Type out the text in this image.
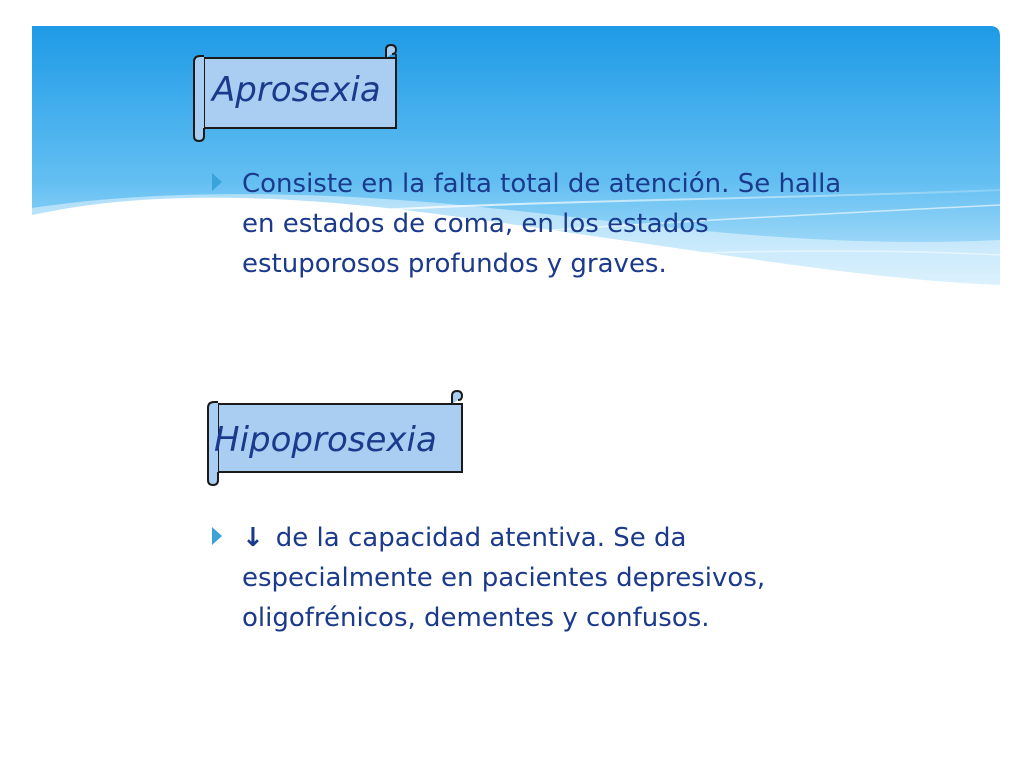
Aprosexia
Consiste en la falta total de atención. Se halla en estados de coma, en los estados estuporosos profundos y graves.
Hipoprosexia
↓ de la capacidad atentiva. Se da especialmente en pacientes depresivos, oligofrénicos, dementes y confusos.
